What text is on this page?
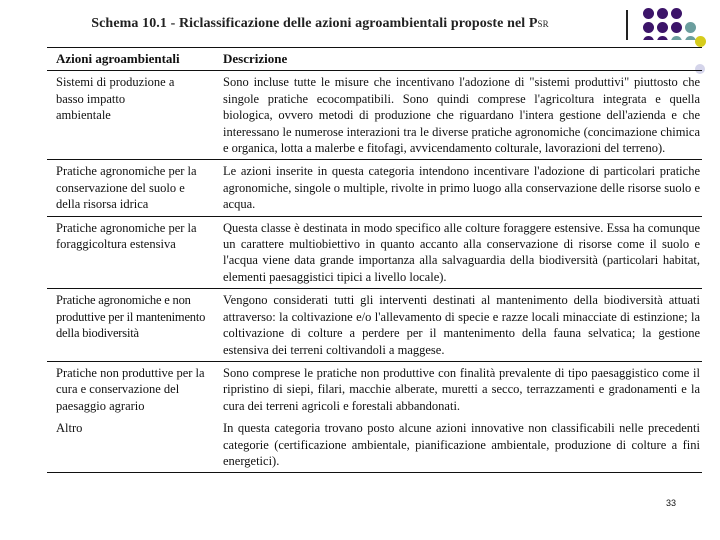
Schema 10.1 - Riclassificazione delle azioni agroambientali proposte nel PSR
Azioni agroambientali	Descrizione
Sistemi di produzione a basso impatto ambientale
Sono incluse tutte le misure che incentivano l'adozione di "sistemi produttivi" piuttosto che singole pratiche ecocompatibili. Sono quindi comprese l'agricoltura integrata e quella biologica, ovvero metodi di produzione che riguardano l'intera gestione dell'azienda e che interessano le numerose interazioni tra le diverse pratiche agronomiche (concimazione chimica e organica, lotta a malerbe e fitofagi, avvicendamento colturale, lavorazioni del terreno).
Pratiche agronomiche per la conservazione del suolo e della risorsa idrica
Le azioni inserite in questa categoria intendono incentivare l'adozione di particolari pratiche agronomiche, singole o multiple, rivolte in primo luogo alla conservazione delle risorse suolo e acqua.
Pratiche agronomiche per la foraggicoltura estensiva
Questa classe è destinata in modo specifico alle colture foraggere estensive. Essa ha comunque un carattere multiobiettivo in quanto accanto alla conservazione di risorse come il suolo e l'acqua viene data grande importanza alla salvaguardia della biodiversità (particolari habitat, elementi paesaggistici tipici a livello locale).
Pratiche agronomiche e non produttive per il mantenimento della biodiversità
Vengono considerati tutti gli interventi destinati al mantenimento della biodiversità attuati attraverso: la coltivazione e/o l'allevamento di specie e razze locali minacciate di estinzione; la coltivazione di colture a perdere per il mantenimento della fauna selvatica; la gestione estensiva dei terreni coltivandoli a maggese.
Pratiche non produttive per la cura e conservazione del paesaggio agrario
Sono comprese le pratiche non produttive con finalità prevalente di tipo paesaggistico come il ripristino di siepi, filari, macchie alberate, muretti a secco, terrazzamenti e gradonamenti e la cura dei terreni agricoli e forestali abbandonati.
Altro	In questa categoria trovano posto alcune azioni innovative non classificabili nelle precedenti categorie (certificazione ambientale, pianificazione ambientale, produzione di colture a fini energetici).
33
